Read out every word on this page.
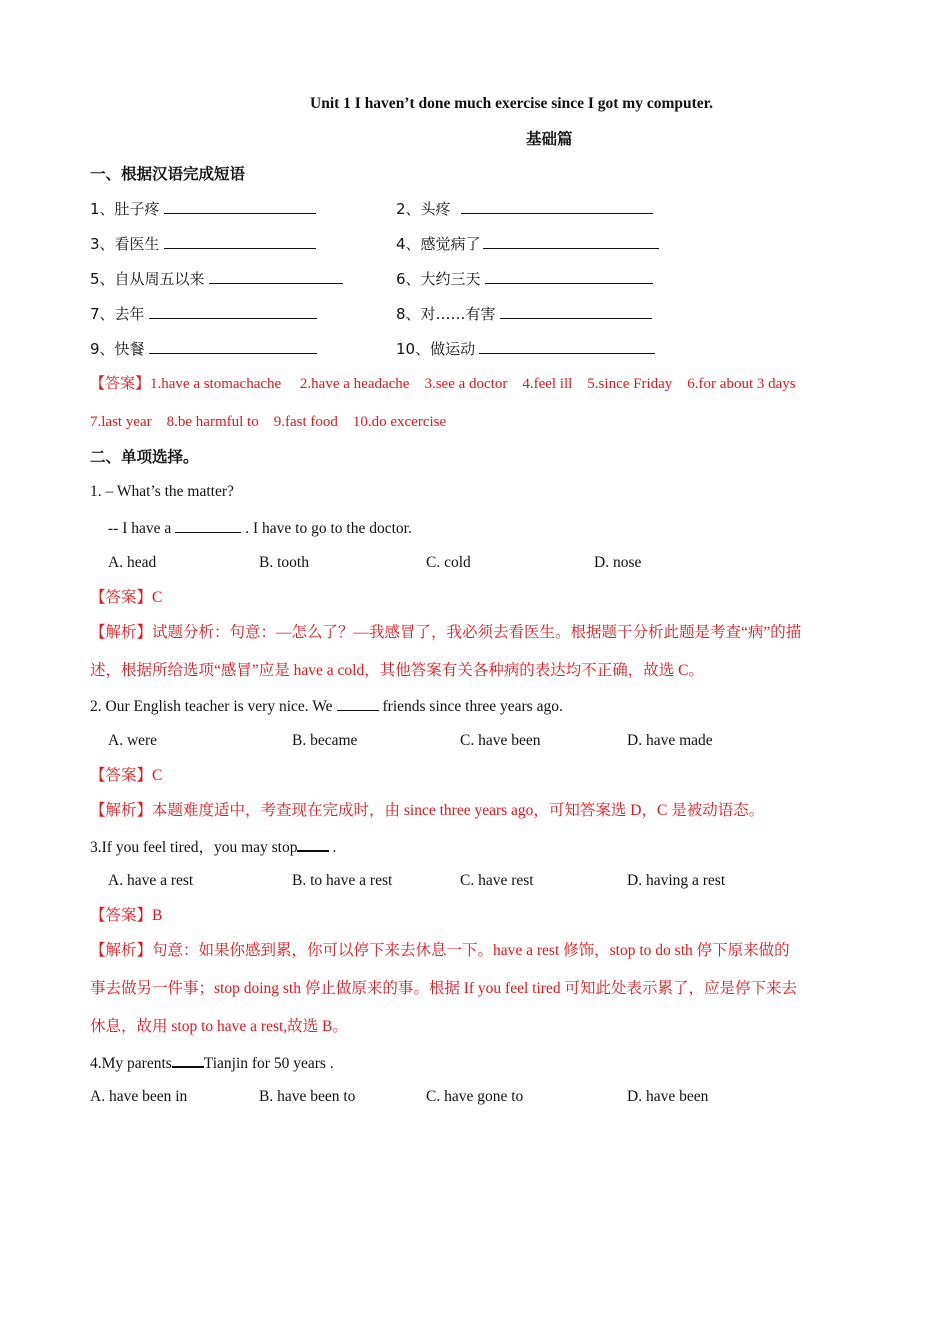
Unit 1 I haven’t done much exercise since I got my computer.
基础篇
一、根据汉语完成短语
1、肚子疼	2、头疼
3、看医生	4、感觉病了
5、自从周五以来	6、大约三天
7、去年	8、对……有害
9、快餐	10、做运动
【答案】1.have a stomachache　 2.have a headache　3.see a doctor　4.feel ill　5.since Friday　6.for about 3 days
7.last year　8.be harmful to　9.fast food　10.do excercise
二、单项选择。
1. – What’s the matter?
-- I have a	. I have to go to the doctor.
A. head	B. tooth	C. cold	D. nose
【答案】C
【解析】试题分析：句意：—怎么了？—我感冒了，我必须去看医生。根据题干分析此题是考查“病”的描
述，根据所给选项“感冒”应是 have a cold，其他答案有关各种病的表达均不正确，故选 C。
2. Our English teacher is very nice. We	friends since three years ago.
A. were	B. became	C. have been	D. have made
【答案】C
【解析】本题难度适中，考查现在完成时，由 since three years ago，可知答案选 D，C 是被动语态。
3.If you feel tired，you may stop .
A. have a rest	B. to have a rest	C. have rest	D. having a rest
【答案】B
【解析】句意：如果你感到累，你可以停下来去休息一下。have a rest 修饰，stop to do sth 停下原来做的
事去做另一件事；stop doing sth 停止做原来的事。根据 If you feel tired 可知此处表示累了，应是停下来去
休息，故用 stop to have a rest,故选 B。
4.My parents Tianjin for 50 years .
A. have been in	B. have been to	C. have gone to	D. have been
